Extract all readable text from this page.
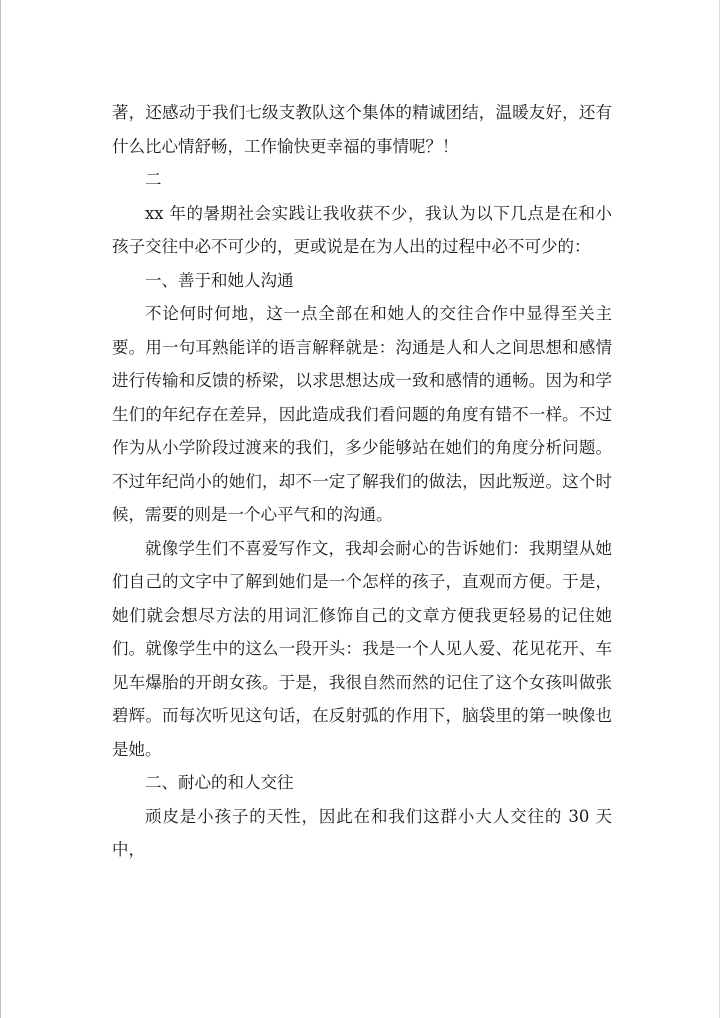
著，还感动于我们七级支教队这个集体的精诚团结，温暖友好，还有什么比心情舒畅，工作愉快更幸福的事情呢？！

二

xx 年的暑期社会实践让我收获不少，我认为以下几点是在和小孩子交往中必不可少的，更或说是在为人出的过程中必不可少的：

一、善于和她人沟通

不论何时何地，这一点全部在和她人的交往合作中显得至关主要。用一句耳熟能详的语言解释就是：沟通是人和人之间思想和感情进行传输和反馈的桥梁，以求思想达成一致和感情的通畅。因为和学生们的年纪存在差异，因此造成我们看问题的角度有错不一样。不过作为从小学阶段过渡来的我们，多少能够站在她们的角度分析问题。不过年纪尚小的她们，却不一定了解我们的做法，因此叛逆。这个时候，需要的则是一个心平气和的沟通。

就像学生们不喜爱写作文，我却会耐心的告诉她们：我期望从她们自己的文字中了解到她们是一个怎样的孩子，直观而方便。于是，她们就会想尽方法的用词汇修饰自己的文章方便我更轻易的记住她们。就像学生中的这么一段开头：我是一个人见人爱、花见花开、车见车爆胎的开朗女孩。于是，我很自然而然的记住了这个女孩叫做张碧辉。而每次听见这句话，在反射弧的作用下，脑袋里的第一映像也是她。

二、耐心的和人交往

顽皮是小孩子的天性，因此在和我们这群小大人交往的 30 天中，
